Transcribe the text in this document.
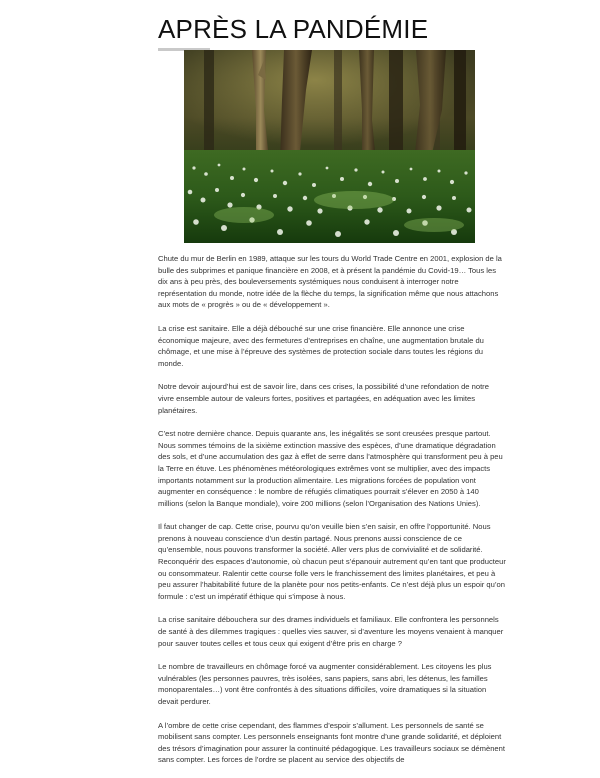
APRÈS LA PANDÉMIE

Chute du mur de Berlin en 1989, attaque sur les tours du World Trade Centre en 2001, explosion de la bulle des subprimes et panique financière en 2008, et à présent la pandémie du Covid-19… Tous les dix ans à peu près, des bouleversements systémiques nous conduisent à interroger notre représentation du monde, notre idée de la flèche du temps, la signification même que nous attachons aux mots de « progrès » ou de « développement ».

La crise est sanitaire. Elle a déjà débouché sur une crise financière. Elle annonce une crise économique majeure, avec des fermetures d’entreprises en chaîne, une augmentation brutale du chômage, et une mise à l’épreuve des systèmes de protection sociale dans toutes les régions du monde.

Notre devoir aujourd’hui est de savoir lire, dans ces crises, la possibilité d’une refondation de notre vivre ensemble autour de valeurs fortes, positives et partagées, en adéquation avec les limites planétaires.

C’est notre dernière chance. Depuis quarante ans, les inégalités se sont creusées presque partout. Nous sommes témoins de la sixième extinction massive des espèces, d’une dramatique dégradation des sols, et d’une accumulation des gaz à effet de serre dans l’atmosphère qui transforment peu à peu la Terre en étuve. Les phénomènes météorologiques extrêmes vont se multiplier, avec des impacts importants notamment sur la production alimentaire. Les migrations forcées de population vont augmenter en conséquence : le nombre de réfugiés climatiques pourrait s’élever en 2050 à 140 millions (selon la Banque mondiale), voire 200 millions (selon l’Organisation des Nations Unies).

Il faut changer de cap. Cette crise, pourvu qu’on veuille bien s’en saisir, en offre l’opportunité. Nous prenons à nouveau conscience d’un destin partagé. Nous prenons aussi conscience de ce qu’ensemble, nous pouvons transformer la société. Aller vers plus de convivialité et de solidarité. Reconquérir des espaces d’autonomie, où chacun peut s’épanouir autrement qu’en tant que producteur ou consommateur. Ralentir cette course folle vers le franchissement des limites planétaires, et peu à peu assurer l’habitabilité future de la planète pour nos petits-enfants. Ce n’est déjà plus un espoir qu’on formule : c’est un impératif éthique qui s’impose à nous.

La crise sanitaire débouchera sur des drames individuels et familiaux. Elle confrontera les personnels de santé à des dilemmes tragiques : quelles vies sauver, si d’aventure les moyens venaient à manquer pour sauver toutes celles et tous ceux qui exigent d’être pris en charge ?

Le nombre de travailleurs en chômage forcé va augmenter considérablement. Les citoyens les plus vulnérables (les personnes pauvres, très isolées, sans papiers, sans abri, les détenus, les familles monoparentales…) vont être confrontés à des situations difficiles, voire dramatiques si la situation devait perdurer.

A l’ombre de cette crise cependant, des flammes d’espoir s’allument. Les personnels de santé se mobilisent sans compter. Les personnels enseignants font montre d’une grande solidarité, et déploient des trésors d’imagination pour assurer la continuité pédagogique. Les travailleurs sociaux se démènent sans compter. Les forces de l’ordre se placent au service des objectifs de
